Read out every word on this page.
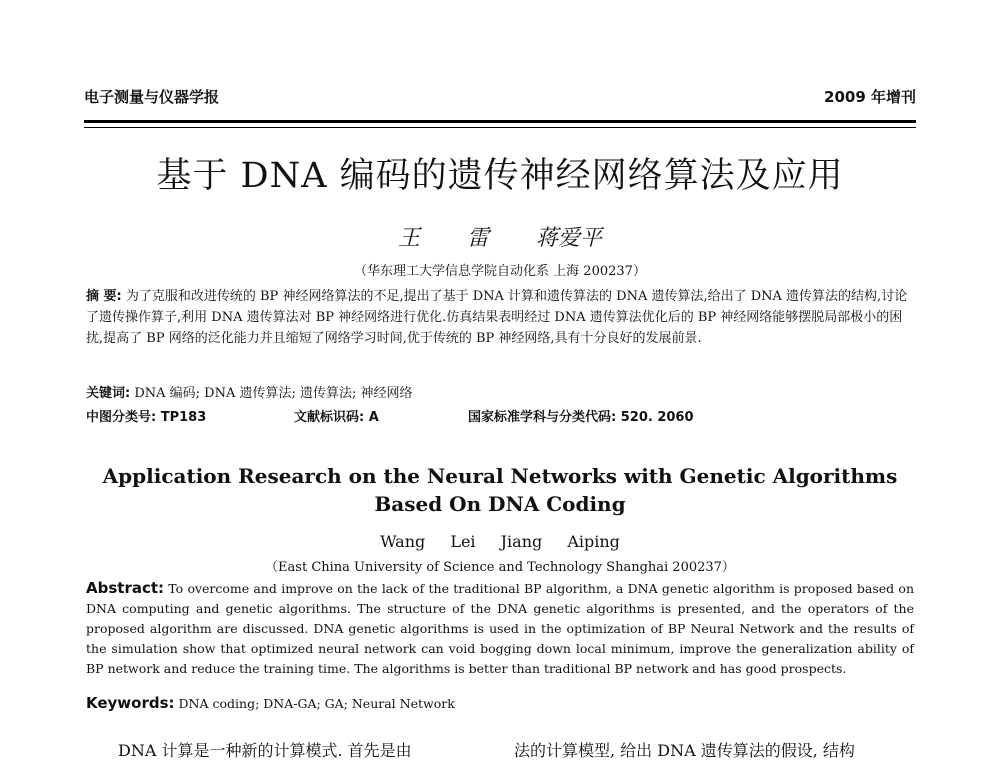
电子测量与仪器学报	2009 年增刊
基于 DNA 编码的遗传神经网络算法及应用
王 雷 蒋爱平
（华东理工大学信息学院自动化系 上海 200237）
摘 要: 为了克服和改进传统的 BP 神经网络算法的不足,提出了基于 DNA 计算和遗传算法的 DNA 遗传算法,给出了 DNA 遗传算法的结构,讨论了遗传操作算子,利用 DNA 遗传算法对 BP 神经网络进行优化.仿真结果表明经过 DNA 遗传算法优化后的 BP 神经网络能够摆脱局部极小的困扰,提高了 BP 网络的泛化能力并且缩短了网络学习时间,优于传统的 BP 神经网络,具有十分良好的发展前景.
关键词: DNA 编码; DNA 遗传算法; 遗传算法; 神经网络
中图分类号: TP183	文献标识码: A	国家标准学科与分类代码: 520. 2060
Application Research on the Neural Networks with Genetic Algorithms Based On DNA Coding
Wang Lei Jiang Aiping
（East China University of Science and Technology Shanghai 200237）
Abstract: To overcome and improve on the lack of the traditional BP algorithm, a DNA genetic algorithm is proposed based on DNA computing and genetic algorithms. The structure of the DNA genetic algorithms is presented, and the operators of the proposed algorithm are discussed. DNA genetic algorithms is used in the optimization of BP Neural Network and the results of the simulation show that optimized neural network can void bogging down local minimum, improve the generalization ability of BP network and reduce the training time. The algorithms is better than traditional BP network and has good prospects.
Keywords: DNA coding; DNA-GA; GA; Neural Network
DNA 计算是一种新的计算模式. 首先是由	法的计算模型, 给出 DNA 遗传算法的假设, 结构
